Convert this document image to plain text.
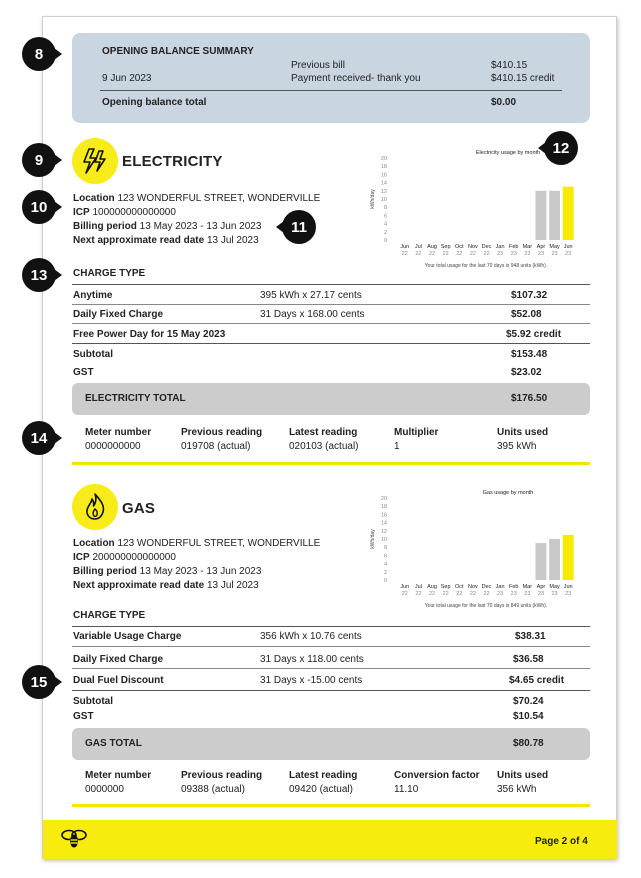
8
9
10
11
12
13
14
15
OPENING BALANCE SUMMARY
9 Jun 2023
Previous bill	$410.15
Payment received- thank you	$410.15 credit
Opening balance total	$0.00
ELECTRICITY
Location 123 WONDERFUL STREET, WONDERVILLE
ICP 100000000000000
Billing period 13 May 2023 - 13 Jun 2023
Next approximate read date 13 Jul 2023
Electricity usage by month
20
18
16
14
12
10
8
6
4
2
0
kWh/day
Jun
22
Jul
22
Aug
22
Sep
22
Oct
22
Nov
22
Dec
22
Jan
23
Feb
23
Mar
23
Apr
23
May
23
Jun
23
Your total usage for the last 70 days is 948 units (kWh).
CHARGE TYPE
Anytime	395 kWh x 27.17 cents	$107.32
Daily Fixed Charge	31 Days x 168.00 cents	$52.08
Free Power Day for 15 May 2023	$5.92 credit
Subtotal	$153.48
GST	$23.02
ELECTRICITY TOTAL	$176.50
Meter number	Previous reading	Latest reading	Multiplier	Units used
0000000000	019708 (actual)	020103 (actual)	1	395 kWh
GAS
Location 123 WONDERFUL STREET, WONDERVILLE
ICP 200000000000000
Billing period 13 May 2023 - 13 Jun 2023
Next approximate read date 13 Jul 2023
Gas usage by month
20
18
16
14
12
10
8
6
4
2
0
kWh/day
Jun
22
Jul
22
Aug
22
Sep
22
Oct
22
Nov
22
Dec
22
Jan
23
Feb
23
Mar
23
Apr
23
May
23
Jun
23
Your total usage for the last 70 days is 849 units (kWh).
CHARGE TYPE
Variable Usage Charge	356 kWh x 10.76 cents	$38.31
Daily Fixed Charge	31 Days x 118.00 cents	$36.58
Dual Fuel Discount	31 Days x -15.00 cents	$4.65 credit
Subtotal	$70.24
GST	$10.54
GAS TOTAL	$80.78
Meter number	Previous reading	Latest reading	Conversion factor Units used
0000000	09388 (actual)	09420 (actual)	11.10	356 kWh
Page 2 of 4
